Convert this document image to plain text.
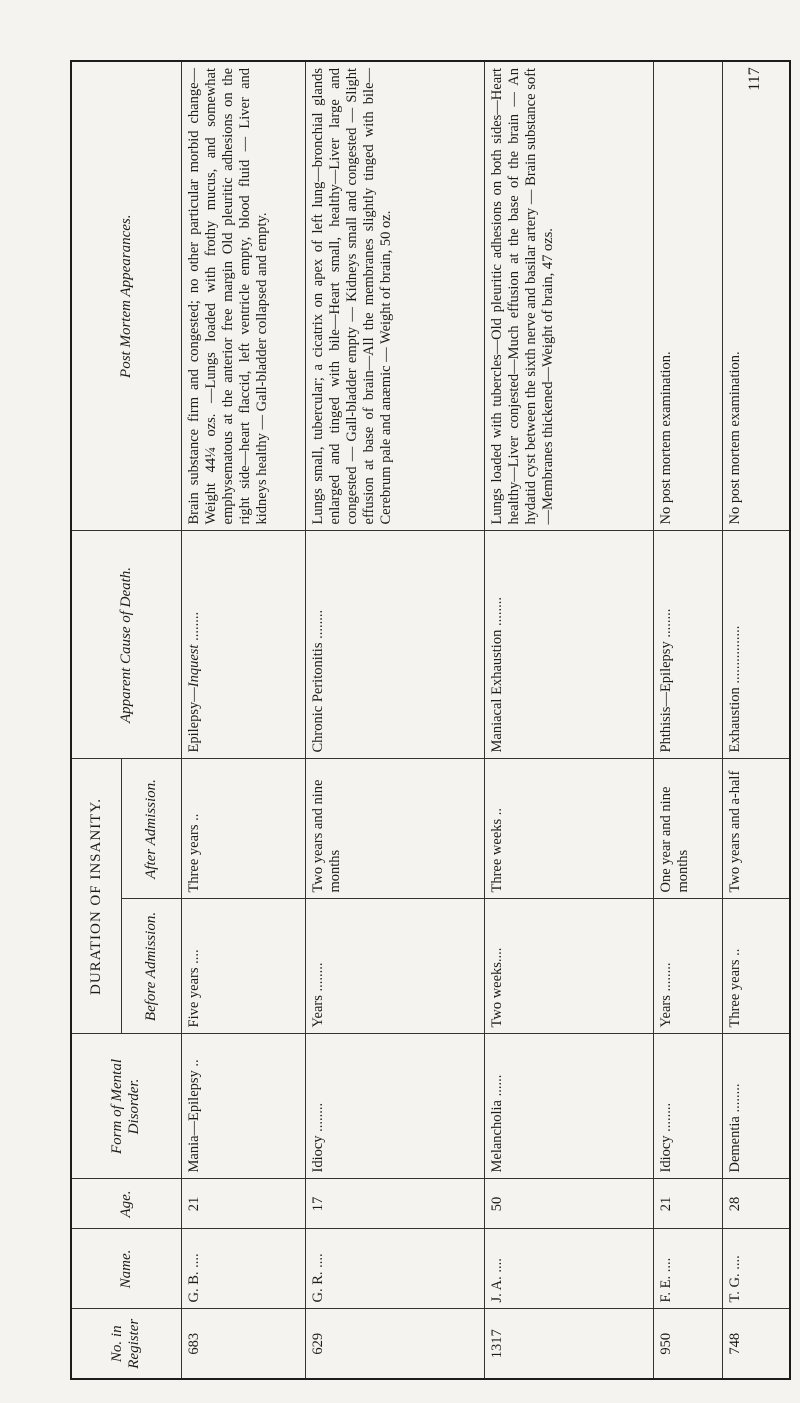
No. in Register	Name.	Age.	Form of Mental Disorder.	DURATION OF INSANITY.		Apparent Cause of Death.	Post Mortem Appearances.
				Before Admission.	After Admission.		
683	G. B. ....	21	Mania—Epilepsy ..	Five years ....	Three years ..	Epilepsy—Inquest ........	Brain substance firm and congested; no other particular morbid change—Weight 44¼ ozs. —Lungs loaded with frothy mucus, and somewhat emphysematous at the anterior free margin Old pleuritic adhesions on the right side—heart flaccid, left ventricle empty, blood fluid — Liver and kidneys healthy — Gall-bladder collapsed and empty.
629	G. R. ....	17	Idiocy ........	Years ........	Two years and nine months	Chronic Peritonitis ........	Lungs small, tubercular; a cicatrix on apex of left lung—bronchial glands enlarged and tinged with bile—Heart small, healthy—Liver large and congested — Gall-bladder empty — Kidneys small and congested — Slight effusion at base of brain—All the membranes slightly tinged with bile—Cerebrum pale and anæmic — Weight of brain, 50 oz.
1317	J. A. ....	50	Melancholia ......	Two weeks....	Three weeks ..	Maniacal Exhaustion ........	Lungs loaded with tubercles—Old pleuritic adhesions on both sides—Heart healthy—Liver conjested—Much effusion at the base of the brain — An hydatid cyst between the sixth nerve and basilar artery — Brain substance soft—Membranes thickened—Weight of brain, 47 ozs.
950	F. E. ....	21	Idiocy ........	Years ........	One year and nine months	Phthisis—Epilepsy ........	No post mortem examination.
748	T. G. ....	28	Dementia ........	Three years ..	Two years and a-half	Exhaustion ................	No post mortem examination.
117
